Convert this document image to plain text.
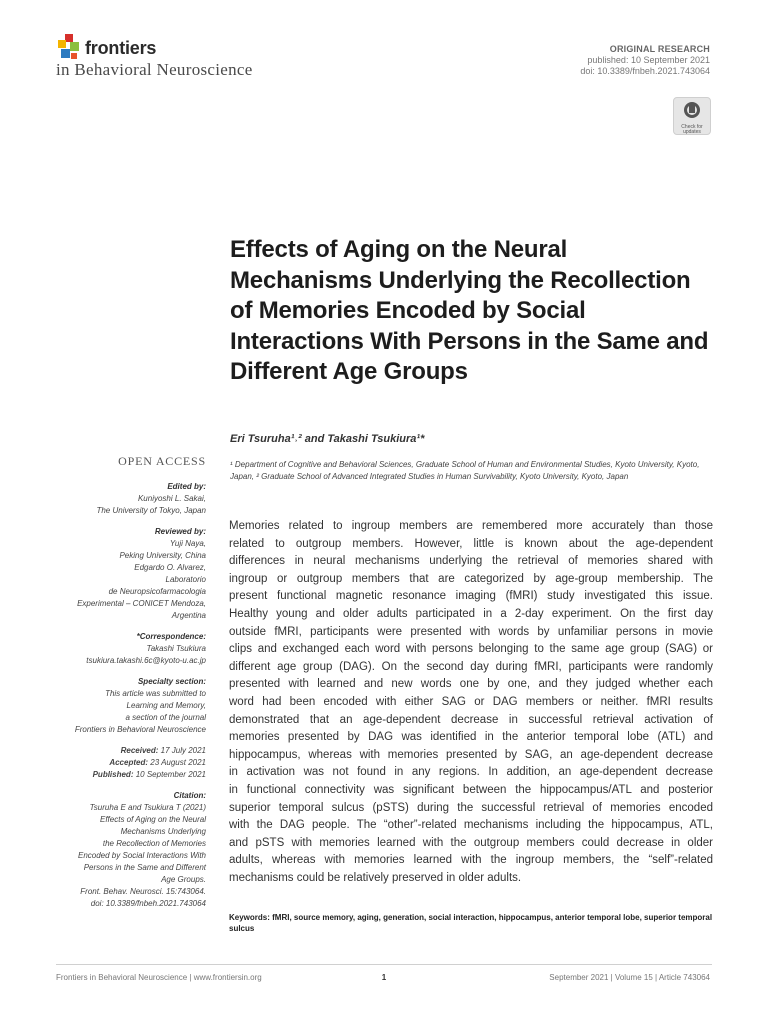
frontiers
in Behavioral Neuroscience
ORIGINAL RESEARCH
published: 10 September 2021
doi: 10.3389/fnbeh.2021.743064
Check for
updates
Effects of Aging on the Neural Mechanisms Underlying the Recollection of Memories Encoded by Social Interactions With Persons in the Same and Different Age Groups
Eri Tsuruha¹˒² and Takashi Tsukiura¹*
¹ Department of Cognitive and Behavioral Sciences, Graduate School of Human and Environmental Studies, Kyoto University, Kyoto, Japan, ² Graduate School of Advanced Integrated Studies in Human Survivability, Kyoto University, Kyoto, Japan
OPEN ACCESS
Edited by:
Kuniyoshi L. Sakai,
The University of Tokyo, Japan
Reviewed by:
Yuji Naya,
Peking University, China
Edgardo O. Alvarez,
Laboratorio
de Neuropsicofarmacologia
Experimental – CONICET Mendoza,
Argentina
*Correspondence:
Takashi Tsukiura
tsukiura.takashi.6c@kyoto-u.ac.jp
Specialty section:
This article was submitted to
Learning and Memory,
a section of the journal
Frontiers in Behavioral Neuroscience
Received: 17 July 2021
Accepted: 23 August 2021
Published: 10 September 2021
Citation:
Tsuruha E and Tsukiura T (2021)
Effects of Aging on the Neural
Mechanisms Underlying
the Recollection of Memories
Encoded by Social Interactions With
Persons in the Same and Different
Age Groups.
Front. Behav. Neurosci. 15:743064.
doi: 10.3389/fnbeh.2021.743064
Memories related to ingroup members are remembered more accurately than those
related to outgroup members. However, little is known about the age-dependent
differences in neural mechanisms underlying the retrieval of memories shared with
ingroup or outgroup members that are categorized by age-group membership. The
present functional magnetic resonance imaging (fMRI) study investigated this issue.
Healthy young and older adults participated in a 2-day experiment. On the first day
outside fMRI, participants were presented with words by unfamiliar persons in movie
clips and exchanged each word with persons belonging to the same age group (SAG) or
different age group (DAG). On the second day during fMRI, participants were randomly
presented with learned and new words one by one, and they judged whether each
word had been encoded with either SAG or DAG members or neither. fMRI results
demonstrated that an age-dependent decrease in successful retrieval activation of
memories presented by DAG was identified in the anterior temporal lobe (ATL) and
hippocampus, whereas with memories presented by SAG, an age-dependent decrease
in activation was not found in any regions. In addition, an age-dependent decrease
in functional connectivity was significant between the hippocampus/ATL and posterior
superior temporal sulcus (pSTS) during the successful retrieval of memories encoded
with the DAG people. The “other”-related mechanisms including the hippocampus, ATL,
and pSTS with memories learned with the outgroup members could decrease in older
adults, whereas with memories learned with the ingroup members, the “self”-related
mechanisms could be relatively preserved in older adults.
Keywords: fMRI, source memory, aging, generation, social interaction, hippocampus, anterior temporal lobe, superior temporal sulcus
Frontiers in Behavioral Neuroscience | www.frontiersin.org	1	September 2021 | Volume 15 | Article 743064
